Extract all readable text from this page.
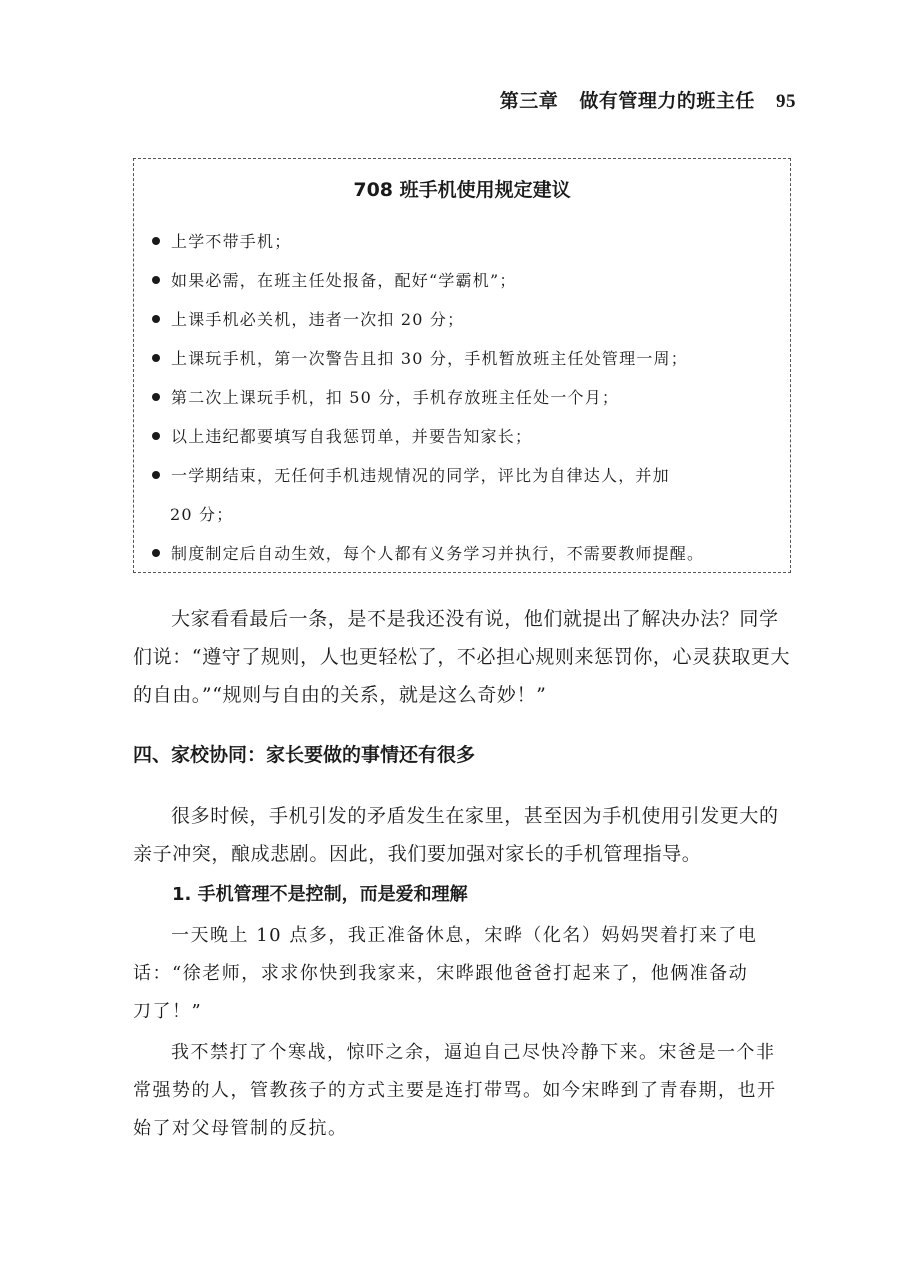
第三章 做有管理力的班主任 95
708 班手机使用规定建议
上学不带手机；
如果必需，在班主任处报备，配好“学霸机”；
上课手机必关机，违者一次扣 20 分；
上课玩手机，第一次警告且扣 30 分，手机暂放班主任处管理一周；
第二次上课玩手机，扣 50 分，手机存放班主任处一个月；
以上违纪都要填写自我惩罚单，并要告知家长；
一学期结束，无任何手机违规情况的同学，评比为自律达人，并加
20 分；
制度制定后自动生效，每个人都有义务学习并执行，不需要教师提醒。

大家看看最后一条，是不是我还没有说，他们就提出了解决办法？同学

们说：“遵守了规则，人也更轻松了，不必担心规则来惩罚你，心灵获取更大

的自由。”“规则与自由的关系，就是这么奇妙！”

四、家校协同：家长要做的事情还有很多

很多时候，手机引发的矛盾发生在家里，甚至因为手机使用引发更大的

亲子冲突，酿成悲剧。因此，我们要加强对家长的手机管理指导。

1. 手机管理不是控制，而是爱和理解

一天晚上 10 点多，我正准备休息，宋晔（化名）妈妈哭着打来了电

话：“徐老师，求求你快到我家来，宋晔跟他爸爸打起来了，他俩准备动

刀了！”

我不禁打了个寒战，惊吓之余，逼迫自己尽快冷静下来。宋爸是一个非

常强势的人，管教孩子的方式主要是连打带骂。如今宋晔到了青春期，也开

始了对父母管制的反抗。
